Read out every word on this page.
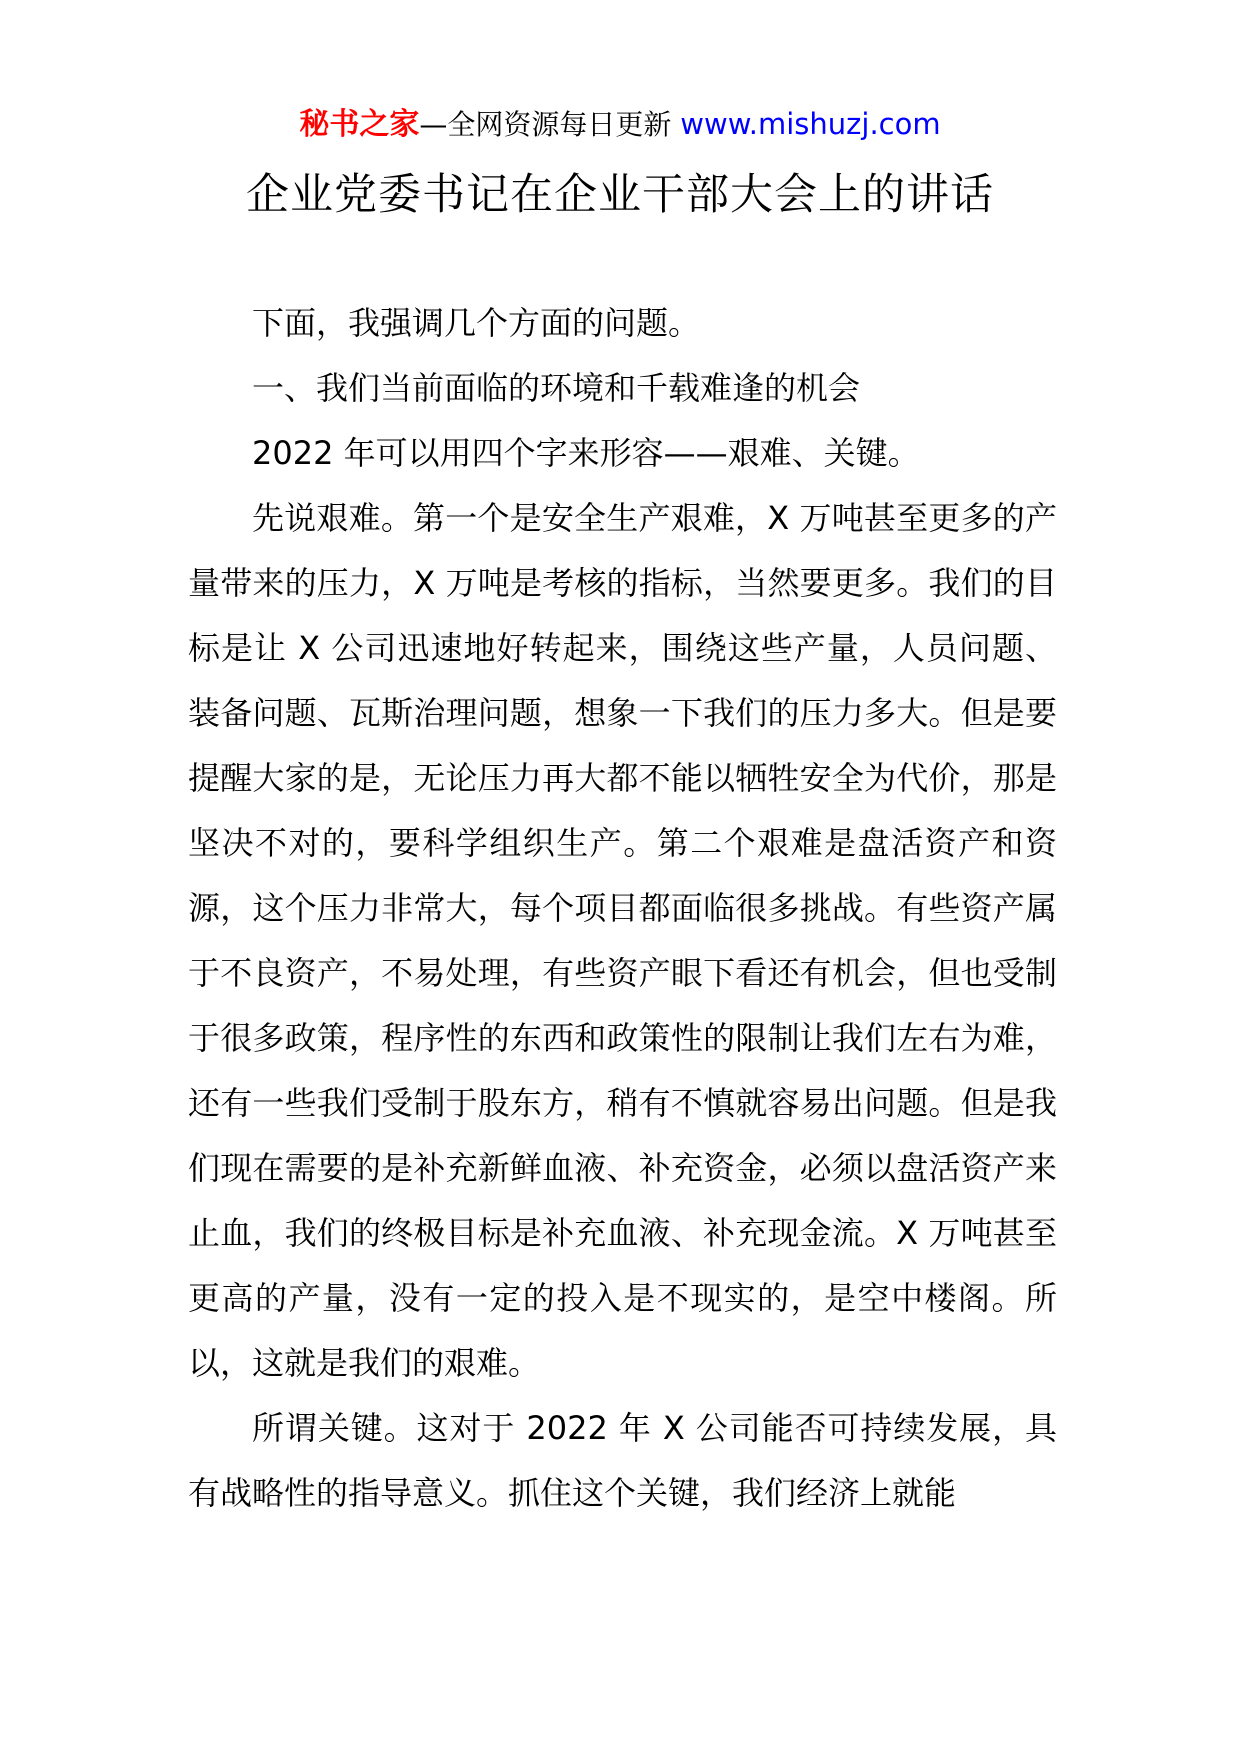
秘书之家—全网资源每日更新 www.mishuzj.com
企业党委书记在企业干部大会上的讲话

下面，我强调几个方面的问题。

一、我们当前面临的环境和千载难逢的机会

2022 年可以用四个字来形容——艰难、关键。

先说艰难。第一个是安全生产艰难，X 万吨甚至更多的产量带来的压力，X 万吨是考核的指标，当然要更多。我们的目标是让 X 公司迅速地好转起来，围绕这些产量，人员问题、装备问题、瓦斯治理问题，想象一下我们的压力多大。但是要提醒大家的是，无论压力再大都不能以牺牲安全为代价，那是坚决不对的，要科学组织生产。第二个艰难是盘活资产和资源，这个压力非常大，每个项目都面临很多挑战。有些资产属于不良资产，不易处理，有些资产眼下看还有机会，但也受制于很多政策，程序性的东西和政策性的限制让我们左右为难，还有一些我们受制于股东方，稍有不慎就容易出问题。但是我们现在需要的是补充新鲜血液、补充资金，必须以盘活资产来止血，我们的终极目标是补充血液、补充现金流。X 万吨甚至更高的产量，没有一定的投入是不现实的，是空中楼阁。所以，这就是我们的艰难。

所谓关键。这对于 2022 年 X 公司能否可持续发展，具有战略性的指导意义。抓住这个关键，我们经济上就能
